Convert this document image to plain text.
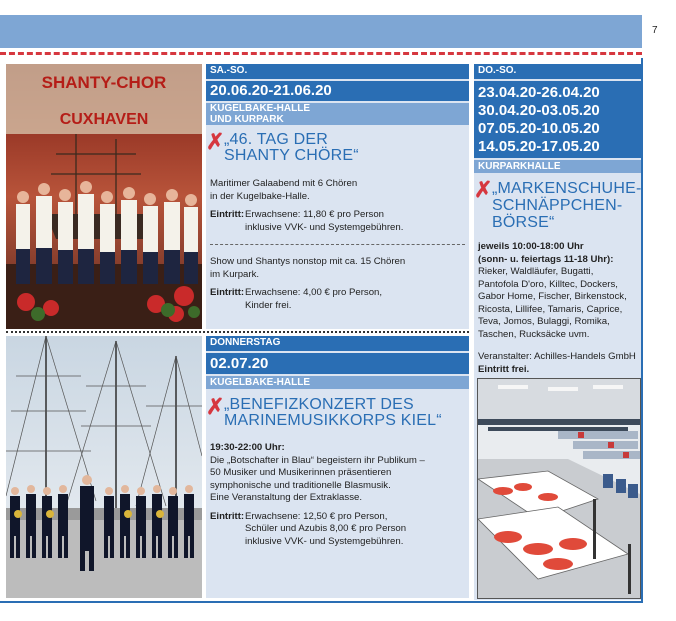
7
SHANTY-CHOR
CUXHAVEN
SA.-SO.
20.06.20-21.06.20
KUGELBAKE-HALLE
UND KURPARK
✗ „46. TAG DER
SHANTY CHÖRE“
Maritimer Galaabend mit 6 Chören
in der Kugelbake-Halle.
Eintritt: Erwachsene: 11,80 € pro Person
inklusive VVK- und Systemgebühren.
Show und Shantys nonstop mit ca. 15 Chören
im Kurpark.
Eintritt: Erwachsene: 4,00 € pro Person,
Kinder frei.
DONNERSTAG
02.07.20
KUGELBAKE-HALLE
✗ „BENEFIZKONZERT DES
MARINEMUSIKKORPS KIEL“
19:30-22:00 Uhr:
Die „Botschafter in Blau“ begeistern ihr Publikum –
50 Musiker und Musikerinnen präsentieren
symphonische und traditionelle Blasmusik.
Eine Veranstaltung der Extraklasse.
Eintritt: Erwachsene: 12,50 € pro Person,
Schüler und Azubis 8,00 € pro Person
inklusive VVK- und Systemgebühren.
DO.-SO.
23.04.20-26.04.20
30.04.20-03.05.20
07.05.20-10.05.20
14.05.20-17.05.20
KURPARKHALLE
✗ „MARKENSCHUHE-
SCHNÄPPCHEN-
BÖRSE“
jeweils 10:00-18:00 Uhr
(sonn- u. feiertags 11-18 Uhr):
Rieker, Waldläufer, Bugatti,
Pantofola D'oro, Killtec, Dockers,
Gabor Home, Fischer, Birkenstock,
Ricosta, Lillifee, Tamaris, Caprice,
Teva, Jomos, Bulaggi, Romika,
Taschen, Rucksäcke uvm.
Veranstalter: Achilles-Handels GmbH
Eintritt frei.
